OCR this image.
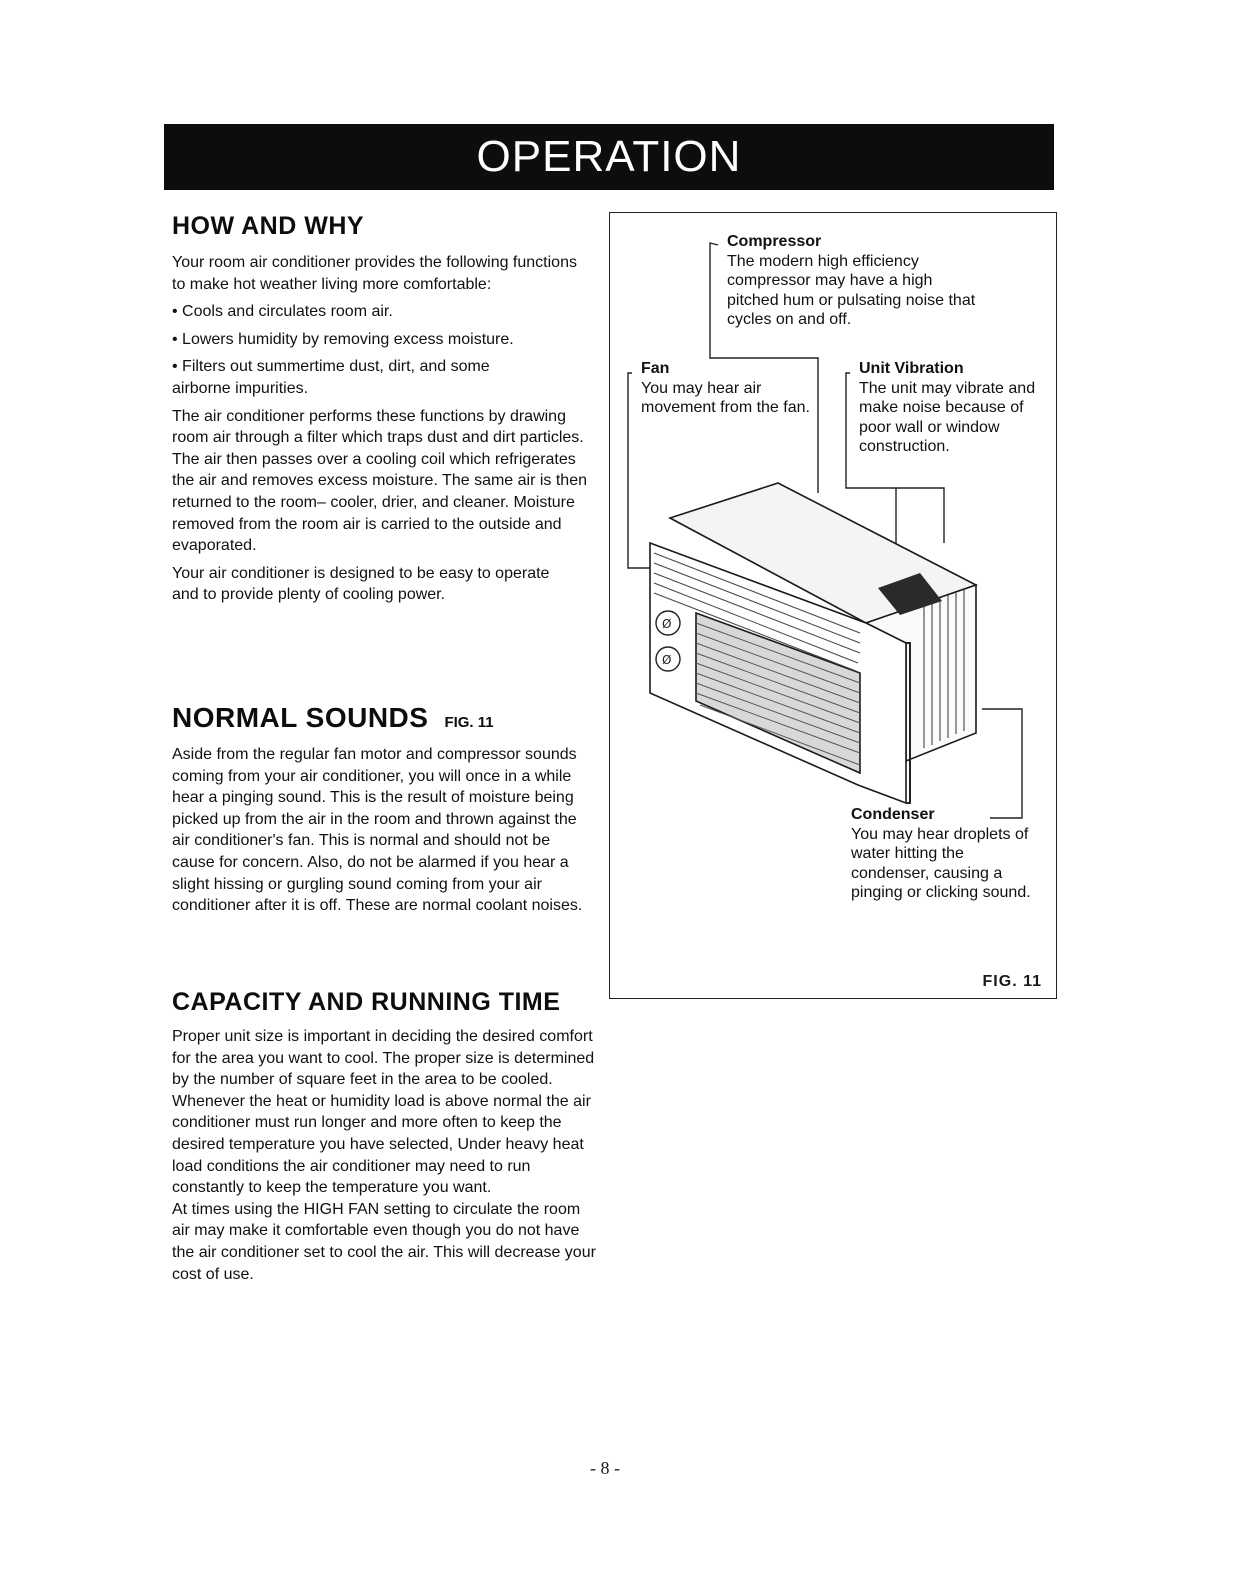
OPERATION
HOW AND WHY

Your room air conditioner provides the following functions to make hot weather living more comfortable:

• Cools and circulates room air.

• Lowers humidity by removing excess moisture.

• Filters out summertime dust, dirt, and some airborne impurities.

The air conditioner performs these functions by drawing room air through a filter which traps dust and dirt particles. The air then passes over a cooling coil which refrigerates the air and removes excess moisture. The same air is then returned to the room– cooler, drier, and cleaner. Moisture removed from the room air is carried to the outside and evaporated.

Your air conditioner is designed to be easy to operate and to provide plenty of cooling power.

NORMAL SOUNDS FIG. 11

Aside from the regular fan motor and compressor sounds coming from your air conditioner, you will once in a while hear a pinging sound. This is the result of moisture being picked up from the air in the room and thrown against the air conditioner's fan. This is normal and should not be cause for concern. Also, do not be alarmed if you hear a slight hissing or gurgling sound coming from your air conditioner after it is off. These are normal coolant noises.

CAPACITY AND RUNNING TIME

Proper unit size is important in deciding the desired comfort for the area you want to cool. The proper size is determined by the number of square feet in the area to be cooled.

Whenever the heat or humidity load is above normal the air conditioner must run longer and more often to keep the desired temperature you have selected, Under heavy heat load conditions the air conditioner may need to run constantly to keep the temperature you want.

At times using the HIGH FAN setting to circulate the room air may make it comfortable even though you do not have the air conditioner set to cool the air. This will decrease your cost of use.

Ø
Ø
Compressor
The modern high efficiency compressor may have a high pitched hum or pulsating noise that cycles on and off.
Fan
You may hear air movement from the fan.
Unit Vibration
The unit may vibrate and make noise because of poor wall or window construction.
Condenser
You may hear droplets of water hitting the condenser, causing a pinging or clicking sound.
FIG. 11
- 8 -
